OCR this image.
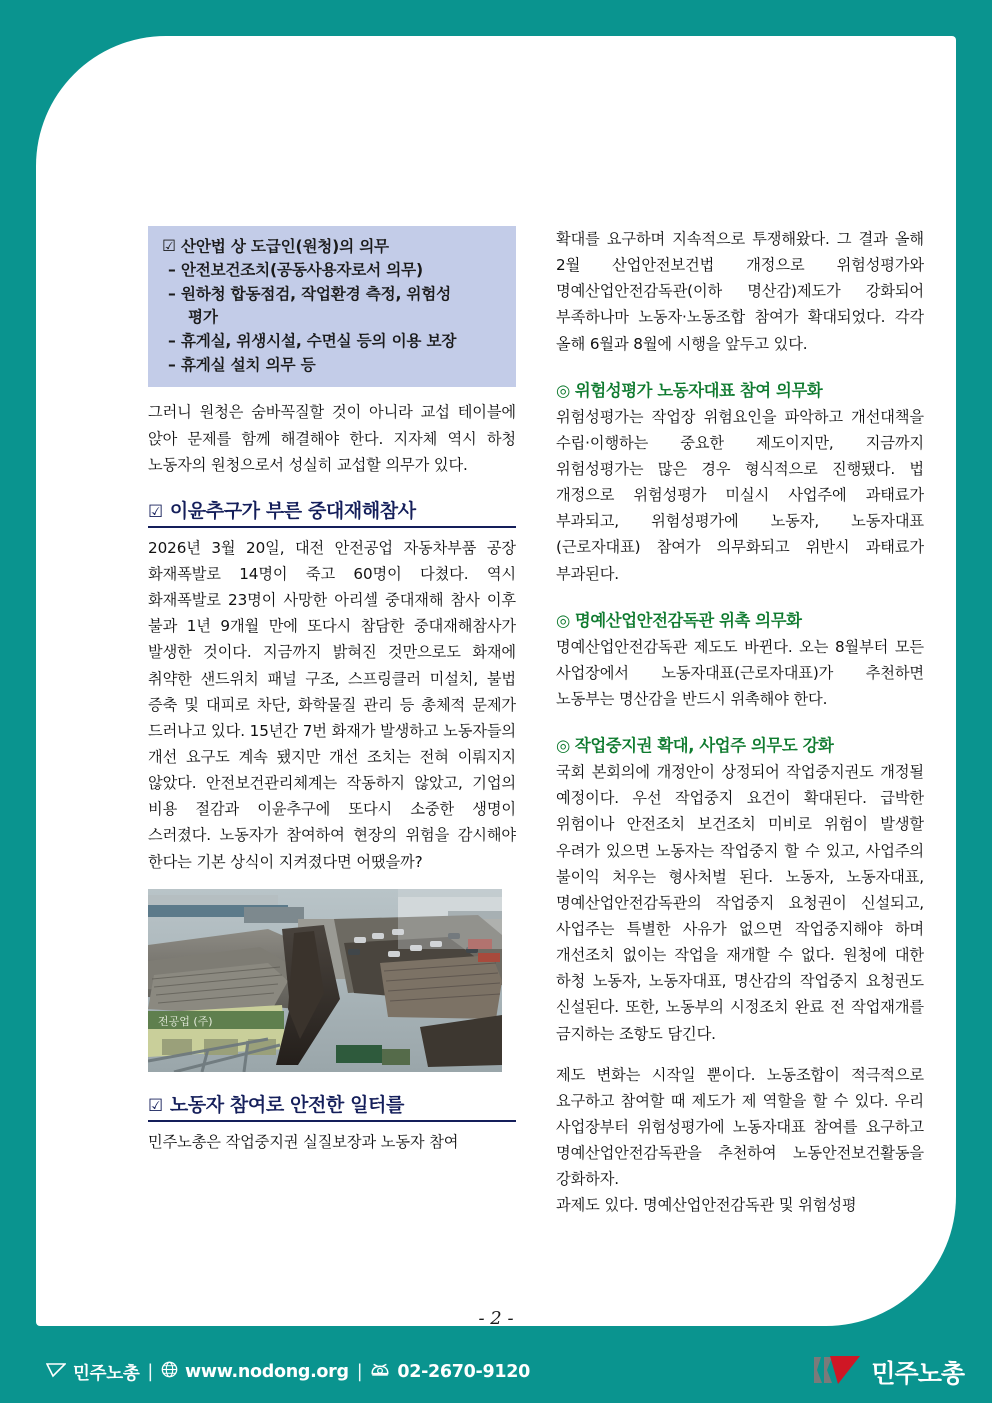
☑ 산안법 상 도급인(원청)의 의무
– 안전보건조치(공동사용자로서 의무)
– 원하청 합동점검, 작업환경 측정, 위험성
평가
– 휴게실, 위생시설, 수면실 등의 이용 보장
– 휴게실 설치 의무 등

그러니 원청은 숨바꼭질할 것이 아니라 교섭 테이블에 앉아 문제를 함께 해결해야 한다. 지자체 역시 하청 노동자의 원청으로서 성실히 교섭할 의무가 있다.

☑ 이윤추구가 부른 중대재해참사

2026년 3월 20일, 대전 안전공업 자동차부품 공장 화재폭발로 14명이 죽고 60명이 다쳤다. 역시 화재폭발로 23명이 사망한 아리셀 중대재해 참사 이후 불과 1년 9개월 만에 또다시 참담한 중대재해참사가 발생한 것이다. 지금까지 밝혀진 것만으로도 화재에 취약한 샌드위치 패널 구조, 스프링클러 미설치, 불법 증축 및 대피로 차단, 화학물질 관리 등 총체적 문제가 드러나고 있다. 15년간 7번 화재가 발생하고 노동자들의 개선 요구도 계속 됐지만 개선 조치는 전혀 이뤄지지 않았다. 안전보건관리체계는 작동하지 않았고, 기업의 비용 절감과 이윤추구에 또다시 소중한 생명이 스러졌다. 노동자가 참여하여 현장의 위험을 감시해야 한다는 기본 상식이 지켜졌다면 어땠을까?

전공업 (주)
☑ 노동자 참여로 안전한 일터를

민주노총은 작업중지권 실질보장과 노동자 참여

확대를 요구하며 지속적으로 투쟁해왔다. 그 결과 올해 2월 산업안전보건법 개정으로 위험성평가와 명예산업안전감독관(이하 명산감)제도가 강화되어 부족하나마 노동자·노동조합 참여가 확대되었다. 각각 올해 6월과 8월에 시행을 앞두고 있다.

◎ 위험성평가 노동자대표 참여 의무화

위험성평가는 작업장 위험요인을 파악하고 개선대책을 수립·이행하는 중요한 제도이지만, 지금까지 위험성평가는 많은 경우 형식적으로 진행됐다. 법 개정으로 위험성평가 미실시 사업주에 과태료가 부과되고, 위험성평가에 노동자, 노동자대표(근로자대표) 참여가 의무화되고 위반시 과태료가 부과된다.

◎ 명예산업안전감독관 위촉 의무화

명예산업안전감독관 제도도 바뀐다. 오는 8월부터 모든 사업장에서 노동자대표(근로자대표)가 추천하면 노동부는 명산감을 반드시 위촉해야 한다.

◎ 작업중지권 확대, 사업주 의무도 강화

국회 본회의에 개정안이 상정되어 작업중지권도 개정될 예정이다. 우선 작업중지 요건이 확대된다. 급박한 위험이나 안전조치 보건조치 미비로 위험이 발생할 우려가 있으면 노동자는 작업중지 할 수 있고, 사업주의 불이익 처우는 형사처벌 된다. 노동자, 노동자대표, 명예산업안전감독관의 작업중지 요청권이 신설되고, 사업주는 특별한 사유가 없으면 작업중지해야 하며 개선조치 없이는 작업을 재개할 수 없다. 원청에 대한 하청 노동자, 노동자대표, 명산감의 작업중지 요청권도 신설된다. 또한, 노동부의 시정조치 완료 전 작업재개를 금지하는 조항도 담긴다.

제도 변화는 시작일 뿐이다. 노동조합이 적극적으로 요구하고 참여할 때 제도가 제 역할을 할 수 있다. 우리 사업장부터 위험성평가에 노동자대표 참여를 요구하고 명예산업안전감독관을 추천하여 노동안전보건활동을 강화하자.

과제도 있다. 명예산업안전감독관 및 위험성평

- 2 -
민주노총 | www.nodong.org | 02-2670-9120	민주노총
